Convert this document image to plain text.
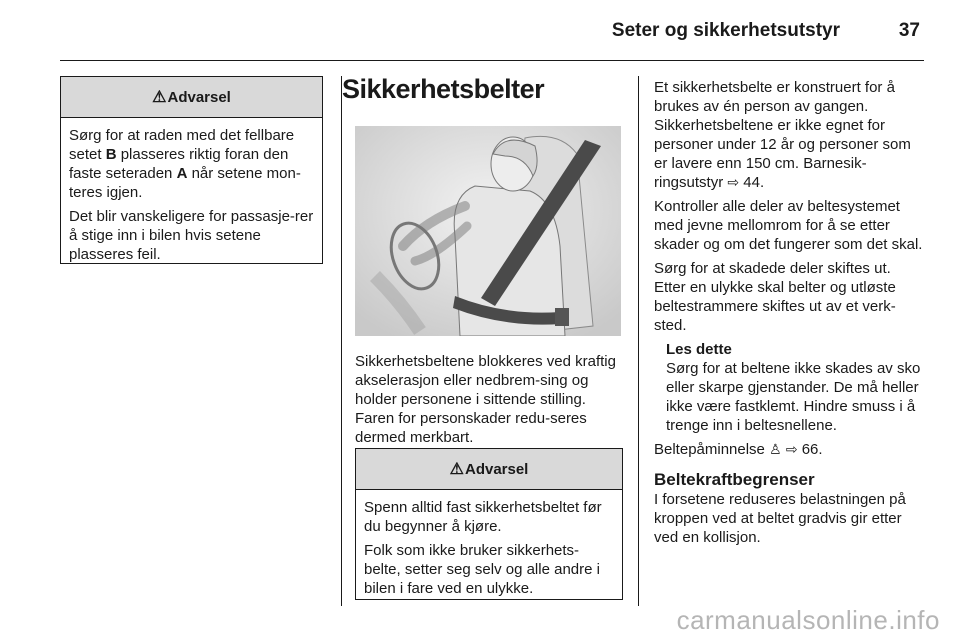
Seter og sikkerhetsutstyr	37
⚠ Advarsel

Sørg for at raden med det fellbare setet B plasseres riktig foran den faste seteraden A når setene mon-teres igjen.

Det blir vanskeligere for passasje-rer å stige inn i bilen hvis setene plasseres feil.

Sikkerhetsbelter

Sikkerhetsbeltene blokkeres ved kraftig akselerasjon eller nedbrem-sing og holder personene i sittende stilling. Faren for personskader redu-seres dermed merkbart.

⚠ Advarsel

Spenn alltid fast sikkerhetsbeltet før du begynner å kjøre.

Folk som ikke bruker sikkerhets-belte, setter seg selv og alle andre i bilen i fare ved en ulykke.

Et sikkerhetsbelte er konstruert for å brukes av én person av gangen. Sikkerhetsbeltene er ikke egnet for personer under 12 år og personer som er lavere enn 150 cm. Barnesik-ringsutstyr ⇨ 44.

Kontroller alle deler av beltesystemet med jevne mellomrom for å se etter skader og om det fungerer som det skal.

Sørg for at skadede deler skiftes ut. Etter en ulykke skal belter og utløste beltestrammere skiftes ut av et verk-sted.

Les dette

Sørg for at beltene ikke skades av sko eller skarpe gjenstander. De må heller ikke være fastklemt. Hindre smuss i å trenge inn i beltesnellene.

Beltepåminnelse ♙ ⇨ 66.

Beltekraftbegrenser

I forsetene reduseres belastningen på kroppen ved at beltet gradvis gir etter ved en kollisjon.

carmanualsonline.info
